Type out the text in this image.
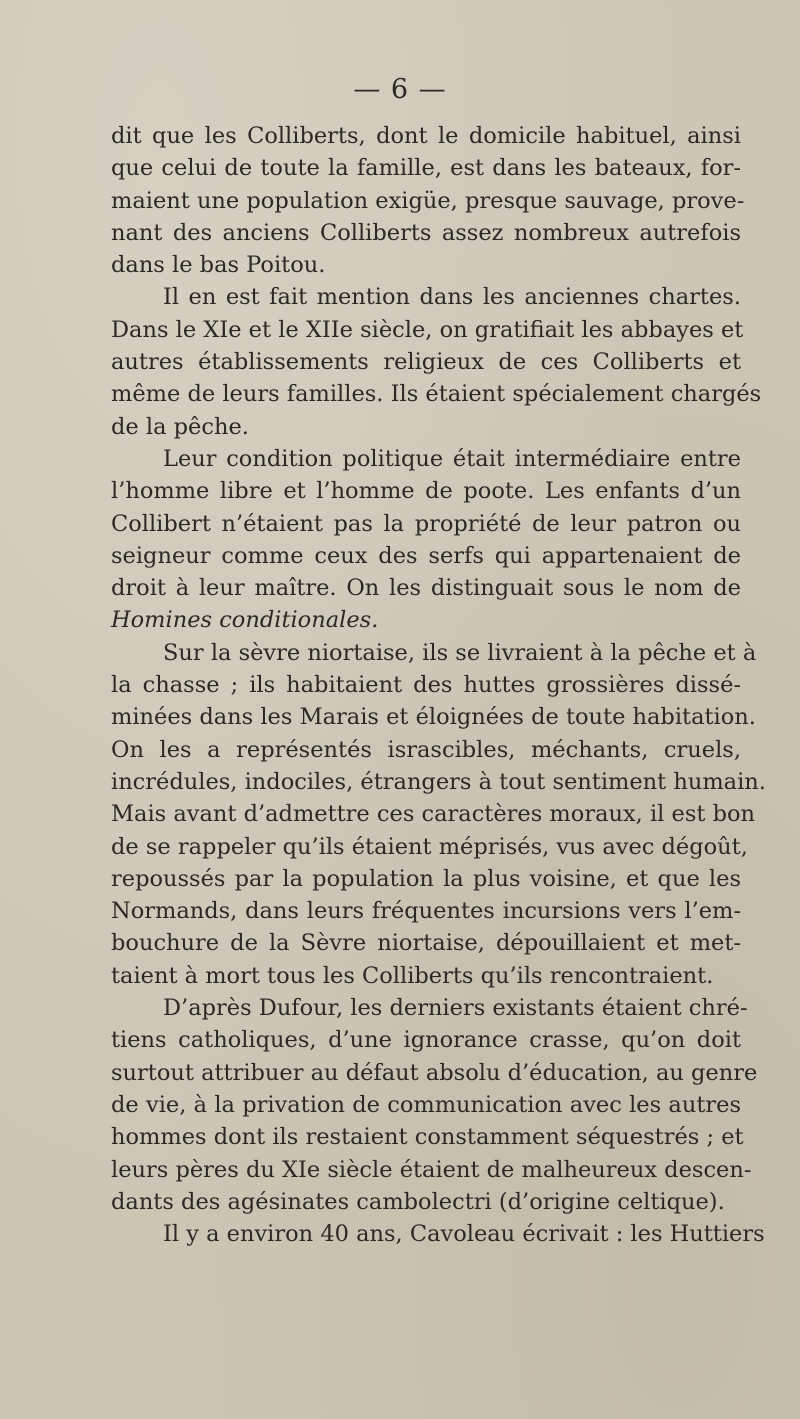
— 6 —
dit que les Colliberts, dont le domicile habituel, ainsi
que celui de toute la famille, est dans les bateaux, for-
maient une population exigüe, presque sauvage, prove-
nant des anciens Colliberts assez nombreux autrefois
dans le bas Poitou.
Il en est fait mention dans les anciennes chartes.
Dans le XIe et le XIIe siècle, on gratifiait les abbayes et
autres établissements religieux de ces Colliberts et
même de leurs familles. Ils étaient spécialement chargés
de la pêche.
Leur condition politique était intermédiaire entre
l’homme libre et l’homme de poote. Les enfants d’un
Collibert n’étaient pas la propriété de leur patron ou
seigneur comme ceux des serfs qui appartenaient de
droit à leur maître. On les distinguait sous le nom de
Homines conditionales.
Sur la sèvre niortaise, ils se livraient à la pêche et à
la chasse ; ils habitaient des huttes grossières dissé-
minées dans les Marais et éloignées de toute habitation.
On les a représentés israscibles, méchants, cruels,
incrédules, indociles, étrangers à tout sentiment humain.
Mais avant d’admettre ces caractères moraux, il est bon
de se rappeler qu’ils étaient méprisés, vus avec dégoût,
repoussés par la population la plus voisine, et que les
Normands, dans leurs fréquentes incursions vers l’em-
bouchure de la Sèvre niortaise, dépouillaient et met-
taient à mort tous les Colliberts qu’ils rencontraient.
D’après Dufour, les derniers existants étaient chré-
tiens catholiques, d’une ignorance crasse, qu’on doit
surtout attribuer au défaut absolu d’éducation, au genre
de vie, à la privation de communication avec les autres
hommes dont ils restaient constamment séquestrés ; et
leurs pères du XIe siècle étaient de malheureux descen-
dants des agésinates cambolectri (d’origine celtique).
Il y a environ 40 ans, Cavoleau écrivait : les Huttiers
